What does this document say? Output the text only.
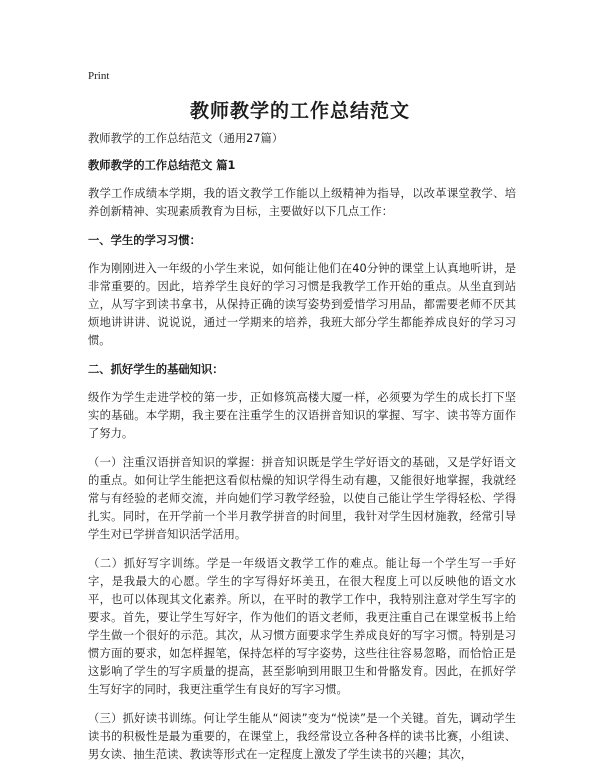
Print
教师教学的工作总结范文

教师教学的工作总结范文（通用27篇）

教师教学的工作总结范文 篇1

教学工作成绩本学期，我的语文教学工作能以上级精神为指导，以改革课堂教学、培养创新精神、实现素质教育为目标，主要做好以下几点工作：

一、学生的学习习惯：

作为刚刚进入一年级的小学生来说，如何能让他们在40分钟的课堂上认真地听讲，是非常重要的。因此，培养学生良好的学习习惯是我教学工作开始的重点。从坐直到站立，从写字到读书拿书，从保持正确的读写姿势到爱惜学习用品，都需要老师不厌其烦地讲讲讲、说说说，通过一学期来的培养，我班大部分学生都能养成良好的学习习惯。

二、抓好学生的基础知识：

级作为学生走进学校的第一步，正如修筑高楼大厦一样，必须要为学生的成长打下坚实的基础。本学期，我主要在注重学生的汉语拼音知识的掌握、写字、读书等方面作了努力。

（一）注重汉语拼音知识的掌握：拼音知识既是学生学好语文的基础，又是学好语文的重点。如何让学生能把这看似枯燥的知识学得生动有趣，又能很好地掌握，我就经常与有经验的老师交流，并向她们学习教学经验，以使自己能让学生学得轻松、学得扎实。同时，在开学前一个半月教学拼音的时间里，我针对学生因材施教，经常引导学生对已学拼音知识活学活用。

（二）抓好写字训练。学是一年级语文教学工作的难点。能让每一个学生写一手好字，是我最大的心愿。学生的字写得好坏美丑，在很大程度上可以反映他的语文水平，也可以体现其文化素养。所以，在平时的教学工作中，我特别注意对学生写字的要求。首先，要让学生写好字，作为他们的语文老师，我更注重自己在课堂板书上给学生做一个很好的示范。其次，从习惯方面要求学生养成良好的写字习惯。特别是习惯方面的要求，如怎样握笔，保持怎样的写字姿势，这些往往容易忽略，而恰恰正是这影响了学生的写字质量的提高，甚至影响到用眼卫生和骨骼发育。因此，在抓好学生写好字的同时，我更注重学生有良好的写字习惯。

（三）抓好读书训练。何让学生能从“阅读”变为“悦读”是一个关键。首先，调动学生读书的积极性是最为重要的，在课堂上，我经常设立各种各样的读书比赛，小组读、男女读、抽生范读、教读等形式在一定程度上激发了学生读书的兴趣；其次，
